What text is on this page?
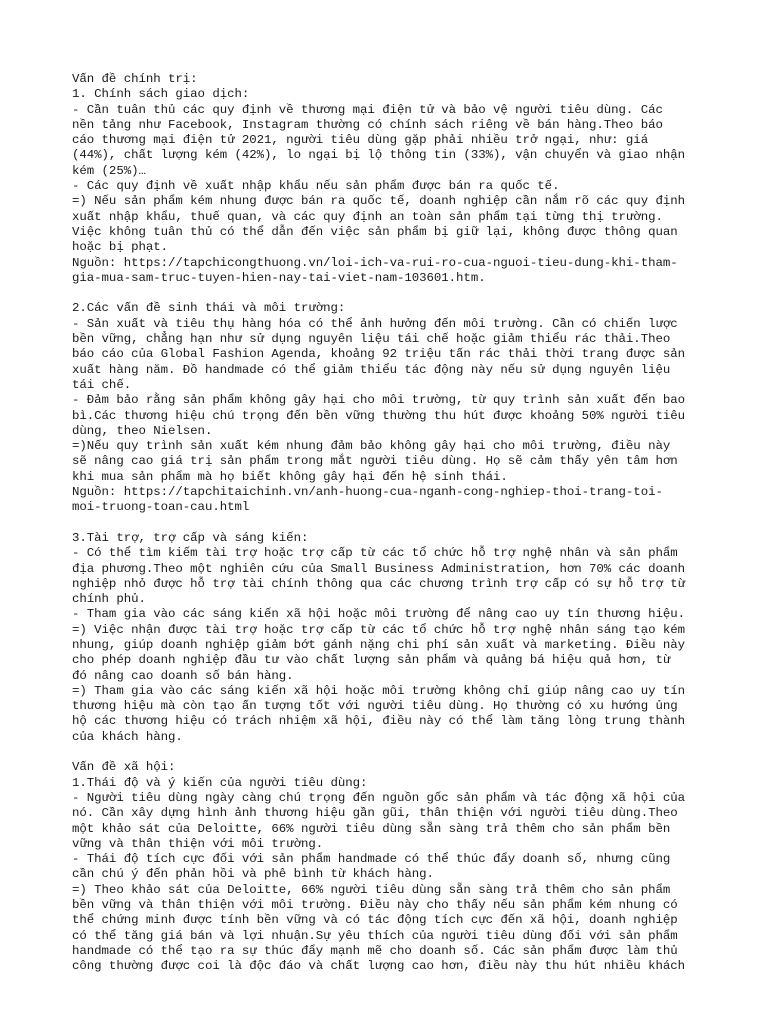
Vấn đề chính trị:
1. Chính sách giao dịch:
- Cần tuân thủ các quy định về thương mại điện tử và bảo vệ người tiêu dùng. Các
nền tảng như Facebook, Instagram thường có chính sách riêng về bán hàng.Theo báo
cáo thương mại điện tử 2021, người tiêu dùng gặp phải nhiều trở ngại, như: giá
(44%), chất lượng kém (42%), lo ngại bị lộ thông tin (33%), vận chuyển và giao nhận
kém (25%)…
- Các quy định về xuất nhập khẩu nếu sản phẩm được bán ra quốc tế.
=) Nếu sản phẩm kém nhung được bán ra quốc tế, doanh nghiệp cần nắm rõ các quy định
xuất nhập khẩu, thuế quan, và các quy định an toàn sản phẩm tại từng thị trường.
Việc không tuân thủ có thể dẫn đến việc sản phẩm bị giữ lại, không được thông quan
hoặc bị phạt.
Nguồn: https://tapchicongthuong.vn/loi-ich-va-rui-ro-cua-nguoi-tieu-dung-khi-tham-
gia-mua-sam-truc-tuyen-hien-nay-tai-viet-nam-103601.htm.
2.Các vấn đề sinh thái và môi trường:
- Sản xuất và tiêu thụ hàng hóa có thể ảnh hưởng đến môi trường. Cần có chiến lược
bền vững, chẳng hạn như sử dụng nguyên liệu tái chế hoặc giảm thiểu rác thải.Theo
báo cáo của Global Fashion Agenda, khoảng 92 triệu tấn rác thải thời trang được sản
xuất hàng năm. Đồ handmade có thể giảm thiểu tác động này nếu sử dụng nguyên liệu
tái chế.
- Đảm bảo rằng sản phẩm không gây hại cho môi trường, từ quy trình sản xuất đến bao
bì.Các thương hiệu chú trọng đến bền vững thường thu hút được khoảng 50% người tiêu
dùng, theo Nielsen.
=)Nếu quy trình sản xuất kém nhung đảm bảo không gây hại cho môi trường, điều này
sẽ nâng cao giá trị sản phẩm trong mắt người tiêu dùng. Họ sẽ cảm thấy yên tâm hơn
khi mua sản phẩm mà họ biết không gây hại đến hệ sinh thái.
Nguồn: https://tapchitaichinh.vn/anh-huong-cua-nganh-cong-nghiep-thoi-trang-toi-
moi-truong-toan-cau.html
3.Tài trợ, trợ cấp và sáng kiến:
- Có thể tìm kiếm tài trợ hoặc trợ cấp từ các tổ chức hỗ trợ nghệ nhân và sản phẩm
địa phương.Theo một nghiên cứu của Small Business Administration, hơn 70% các doanh
nghiệp nhỏ được hỗ trợ tài chính thông qua các chương trình trợ cấp có sự hỗ trợ từ
chính phủ.
- Tham gia vào các sáng kiến xã hội hoặc môi trường để nâng cao uy tín thương hiệu.
=) Việc nhận được tài trợ hoặc trợ cấp từ các tổ chức hỗ trợ nghệ nhân sáng tạo kém
nhung, giúp doanh nghiệp giảm bớt gánh nặng chi phí sản xuất và marketing. Điều này
cho phép doanh nghiệp đầu tư vào chất lượng sản phẩm và quảng bá hiệu quả hơn, từ
đó nâng cao doanh số bán hàng.
=) Tham gia vào các sáng kiến xã hội hoặc môi trường không chỉ giúp nâng cao uy tín
thương hiệu mà còn tạo ấn tượng tốt với người tiêu dùng. Họ thường có xu hướng ủng
hộ các thương hiệu có trách nhiệm xã hội, điều này có thể làm tăng lòng trung thành
của khách hàng.
Vấn đề xã hội:
1.Thái độ và ý kiến của người tiêu dùng:
- Người tiêu dùng ngày càng chú trọng đến nguồn gốc sản phẩm và tác động xã hội của
nó. Cần xây dựng hình ảnh thương hiệu gần gũi, thân thiện với người tiêu dùng.Theo
một khảo sát của Deloitte, 66% người tiêu dùng sẵn sàng trả thêm cho sản phẩm bền
vững và thân thiện với môi trường.
- Thái độ tích cực đối với sản phẩm handmade có thể thúc đẩy doanh số, nhưng cũng
cần chú ý đến phản hồi và phê bình từ khách hàng.
=) Theo khảo sát của Deloitte, 66% người tiêu dùng sẵn sàng trả thêm cho sản phẩm
bền vững và thân thiện với môi trường. Điều này cho thấy nếu sản phẩm kém nhung có
thể chứng minh được tính bền vững và có tác động tích cực đến xã hội, doanh nghiệp
có thể tăng giá bán và lợi nhuận.Sự yêu thích của người tiêu dùng đối với sản phẩm
handmade có thể tạo ra sự thúc đẩy mạnh mẽ cho doanh số. Các sản phẩm được làm thủ
công thường được coi là độc đáo và chất lượng cao hơn, điều này thu hút nhiều khách
